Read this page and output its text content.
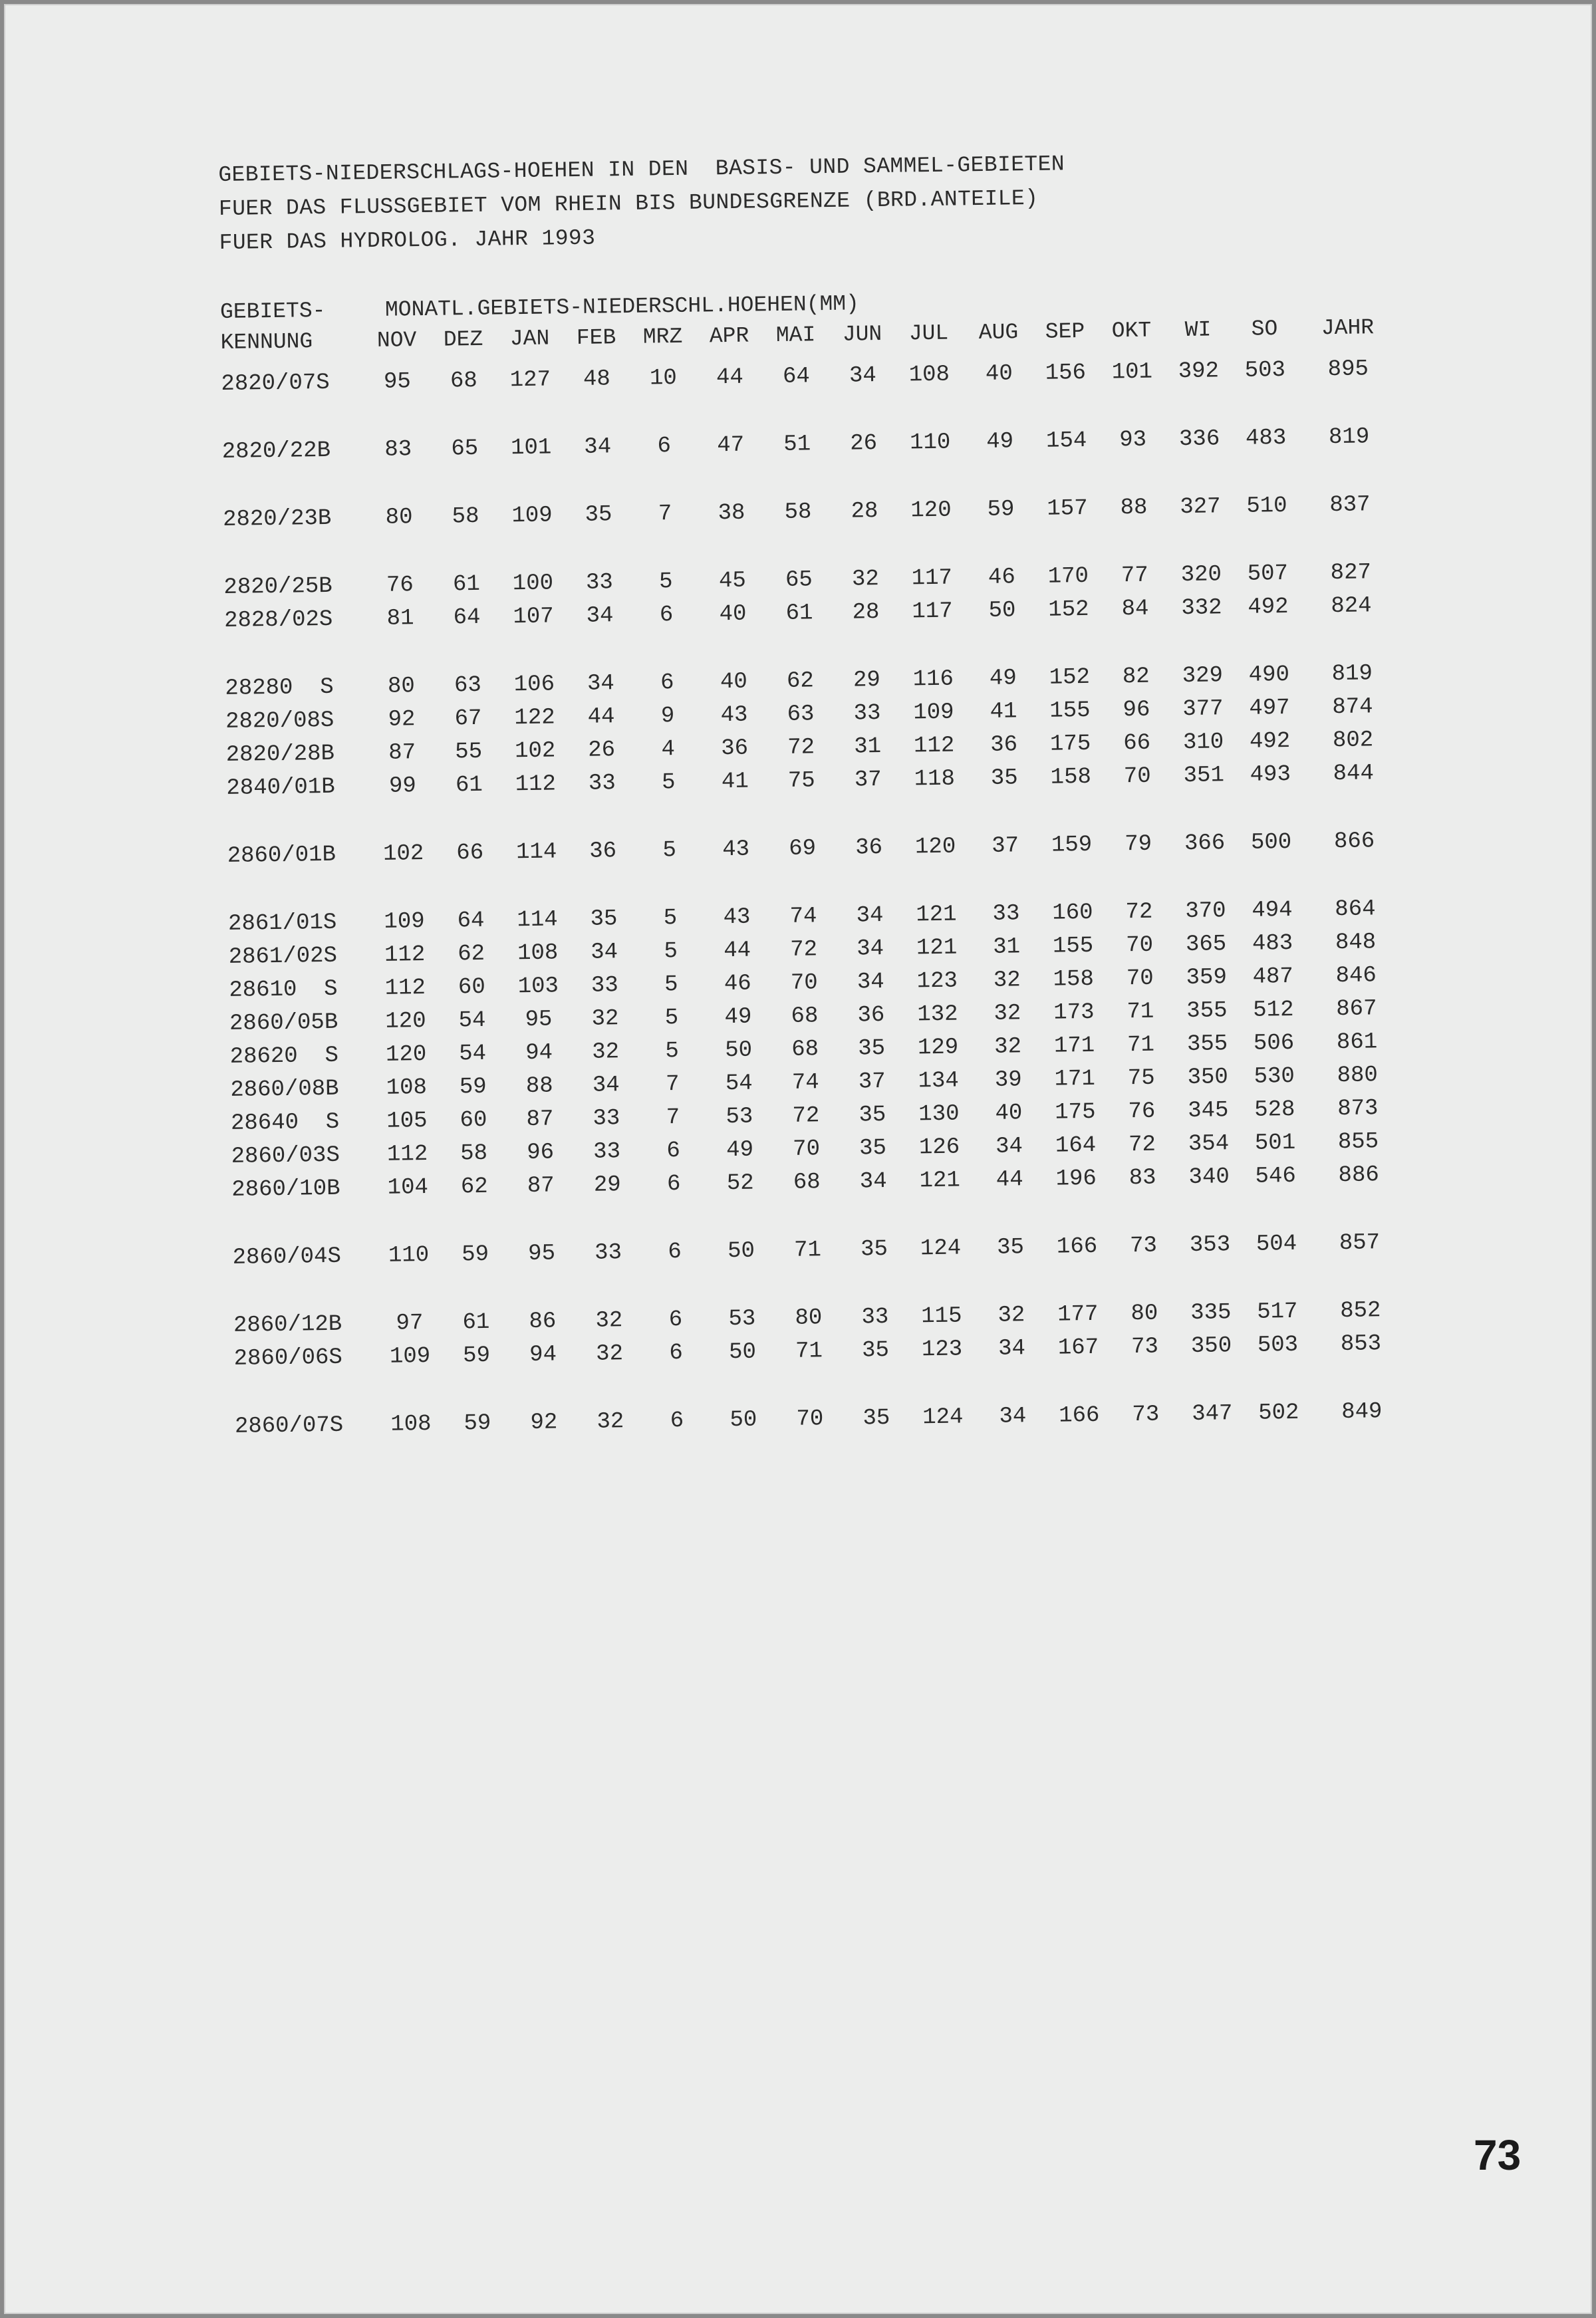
GEBIETS-NIEDERSCHLAGS-HOEHEN IN DEN  BASIS- UND SAMMEL-GEBIETEN
FUER DAS FLUSSGEBIET VOM RHEIN BIS BUNDESGRENZE (BRD.ANTEILE)
FUER DAS HYDROLOG. JAHR 1993
GEBIETS-	MONATL.GEBIETS-NIEDERSCHL.HOEHEN(MM)
KENNUNG	NOV DEZ JAN FEB MRZ APR MAI JUN JUL AUG SEP OKT WI SO JAHR
2820/07S 95 68 127 48 10 44 64 34 108 40 156 101 392 503 895
2820/22B 83 65 101 34 6 47 51 26 110 49 154 93 336 483 819
2820/23B 80 58 109 35 7 38 58 28 120 59 157 88 327 510 837
2820/25B 76 61 100 33 5 45 65 32 117 46 170 77 320 507 827
2828/02S 81 64 107 34 6 40 61 28 117 50 152 84 332 492 824
28280  S 80 63 106 34 6 40 62 29 116 49 152 82 329 490 819
2820/08S 92 67 122 44 9 43 63 33 109 41 155 96 377 497 874
2820/28B 87 55 102 26 4 36 72 31 112 36 175 66 310 492 802
2840/01B 99 61 112 33 5 41 75 37 118 35 158 70 351 493 844
2860/01B 102 66 114 36 5 43 69 36 120 37 159 79 366 500 866
2861/01S 109 64 114 35 5 43 74 34 121 33 160 72 370 494 864
2861/02S 112 62 108 34 5 44 72 34 121 31 155 70 365 483 848
28610  S 112 60 103 33 5 46 70 34 123 32 158 70 359 487 846
2860/05B 120 54 95 32 5 49 68 36 132 32 173 71 355 512 867
28620  S 120 54 94 32 5 50 68 35 129 32 171 71 355 506 861
2860/08B 108 59 88 34 7 54 74 37 134 39 171 75 350 530 880
28640  S 105 60 87 33 7 53 72 35 130 40 175 76 345 528 873
2860/03S 112 58 96 33 6 49 70 35 126 34 164 72 354 501 855
2860/10B 104 62 87 29 6 52 68 34 121 44 196 83 340 546 886
2860/04S 110 59 95 33 6 50 71 35 124 35 166 73 353 504 857
2860/12B 97 61 86 32 6 53 80 33 115 32 177 80 335 517 852
2860/06S 109 59 94 32 6 50 71 35 123 34 167 73 350 503 853
2860/07S 108 59 92 32 6 50 70 35 124 34 166 73 347 502 849
73
